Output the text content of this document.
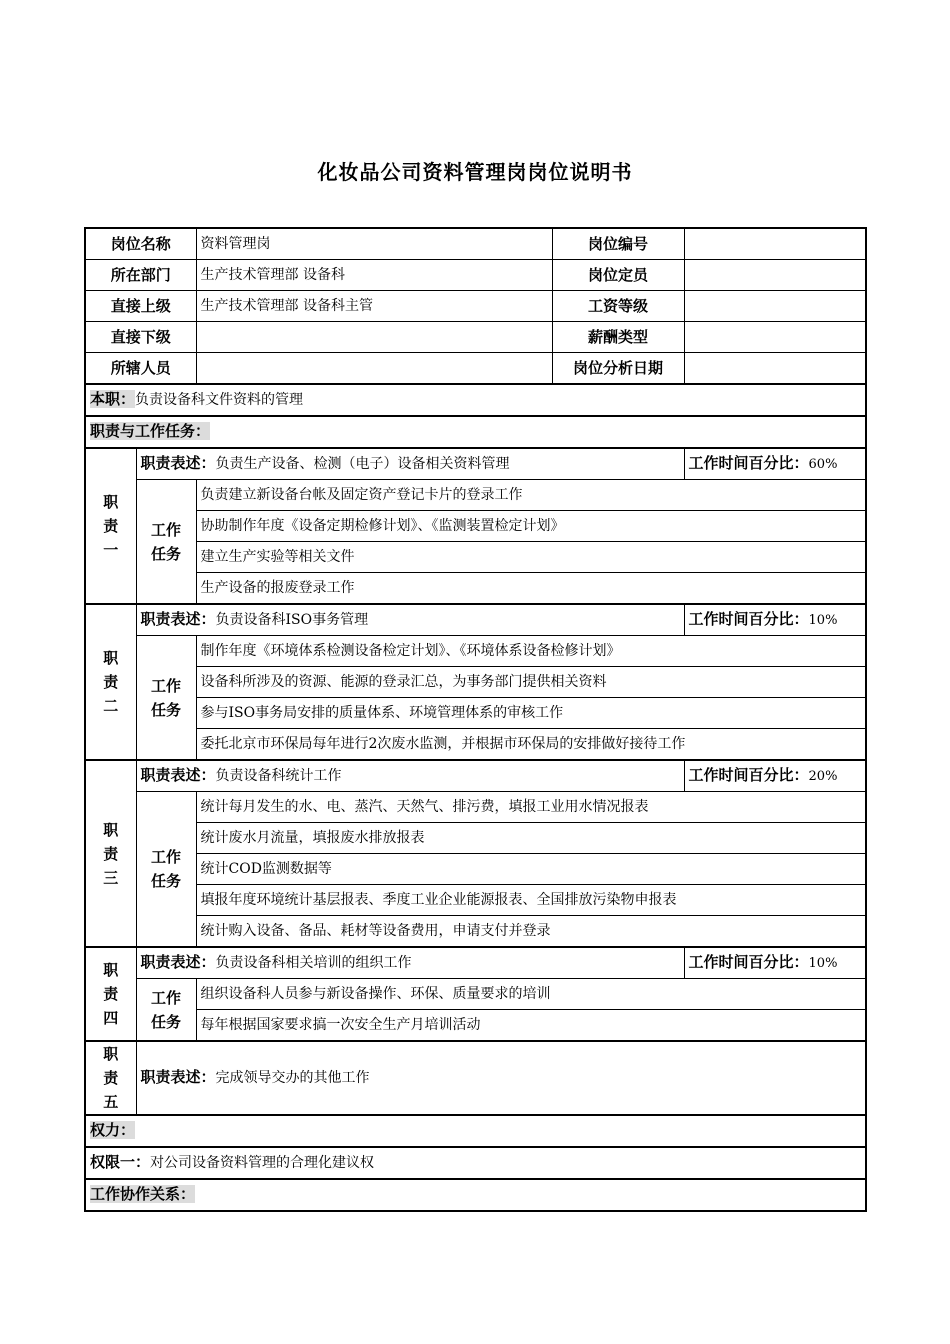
化妆品公司资料管理岗岗位说明书
岗位名称		资料管理岗	岗位编号	
所在部门		生产技术管理部 设备科	岗位定员	
直接上级		生产技术管理部 设备科主管	工资等级	
直接下级			薪酬类型	
所辖人员			岗位分析日期	
本职：负责设备科文件资料的管理				
职责与工作任务：				

职
责
一	职责表述：负责生产设备、检测（电子）设备相关资料管理			工作时间百分比：60%

	工作
任务	负责建立新设备台帐及固定资产登记卡片的登录工作		
		协助制作年度《设备定期检修计划》、《监测装置检定计划》		
		建立生产实验等相关文件		
		生产设备的报废登录工作		

职
责
二	职责表述：负责设备科ISO事务管理			工作时间百分比：10%

	工作
任务	制作年度《环境体系检测设备检定计划》、《环境体系设备检修计划》		
		设备科所涉及的资源、能源的登录汇总，为事务部门提供相关资料		
		参与ISO事务局安排的质量体系、环境管理体系的审核工作		
		委托北京市环保局每年进行2次废水监测，并根据市环保局的安排做好接待工作		

职
责
三	职责表述：负责设备科统计工作			工作时间百分比：20%

	工作
任务	统计每月发生的水、电、蒸汽、天然气、排污费，填报工业用水情况报表		
		统计废水月流量，填报废水排放报表		
		统计COD监测数据等		
		填报年度环境统计基层报表、季度工业企业能源报表、全国排放污染物申报表		
		统计购入设备、备品、耗材等设备费用，申请支付并登录		

职
责
四	职责表述：负责设备科相关培训的组织工作			工作时间百分比：10%

	工作
任务	组织设备科人员参与新设备操作、环保、质量要求的培训		
		每年根据国家要求搞一次安全生产月培训活动		

职
责
五	职责表述：完成领导交办的其他工作			
权力：				
权限一：对公司设备资料管理的合理化建议权				
工作协作关系：				
